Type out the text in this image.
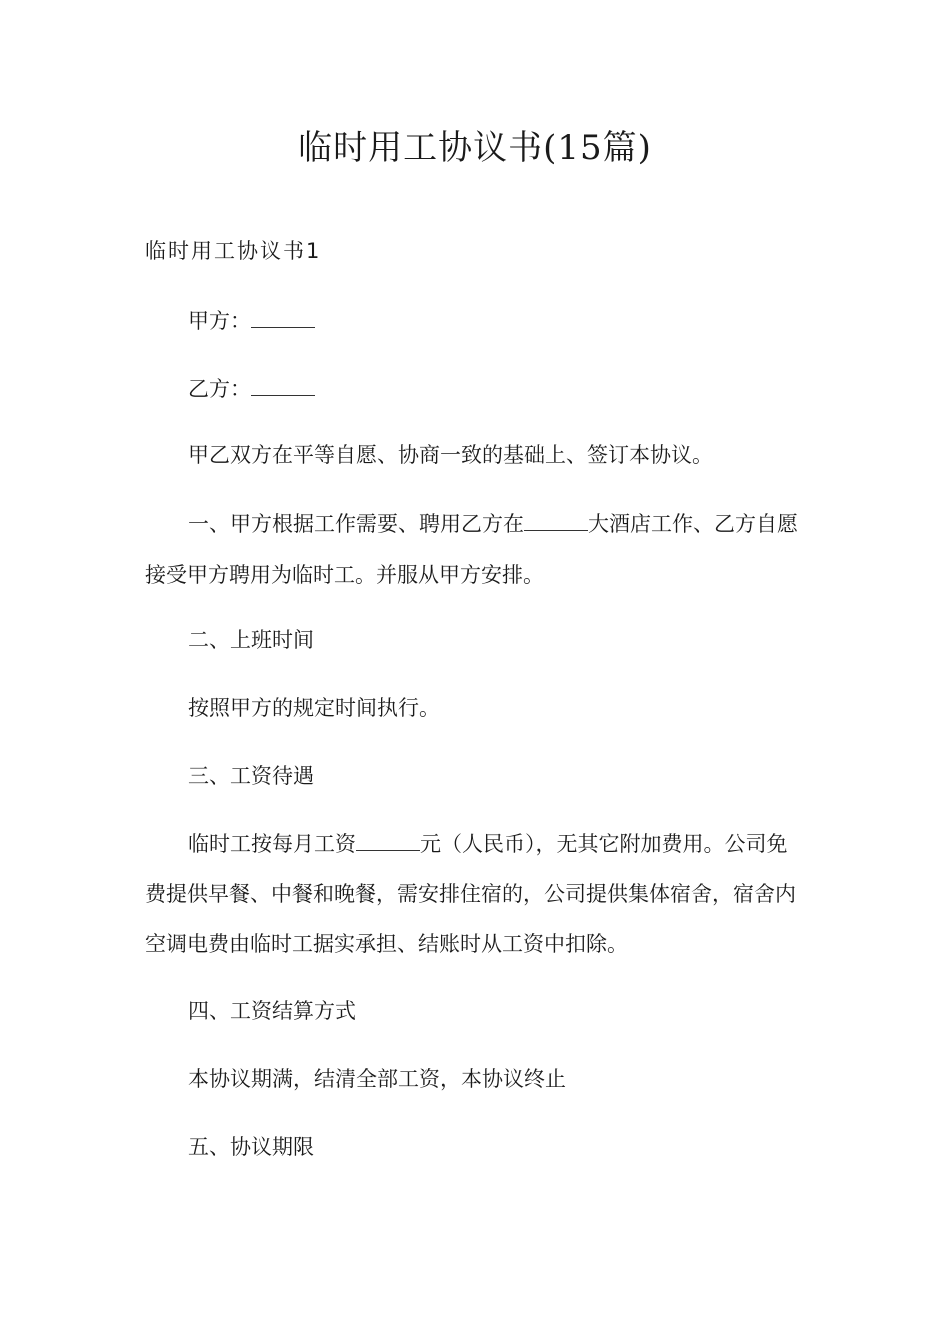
临时用工协议书(15篇)
临时用工协议书1
甲方：
乙方：
甲乙双方在平等自愿、协商一致的基础上、签订本协议。
一、甲方根据工作需要、聘用乙方在	大酒店工作、乙方自愿
接受甲方聘用为临时工。并服从甲方安排。
二、上班时间
按照甲方的规定时间执行。
三、工资待遇
临时工按每月工资	元（人民币），无其它附加费用。公司免
费提供早餐、中餐和晚餐，需安排住宿的，公司提供集体宿舍，宿舍内
空调电费由临时工据实承担、结账时从工资中扣除。
四、工资结算方式
本协议期满，结清全部工资，本协议终止
五、协议期限
